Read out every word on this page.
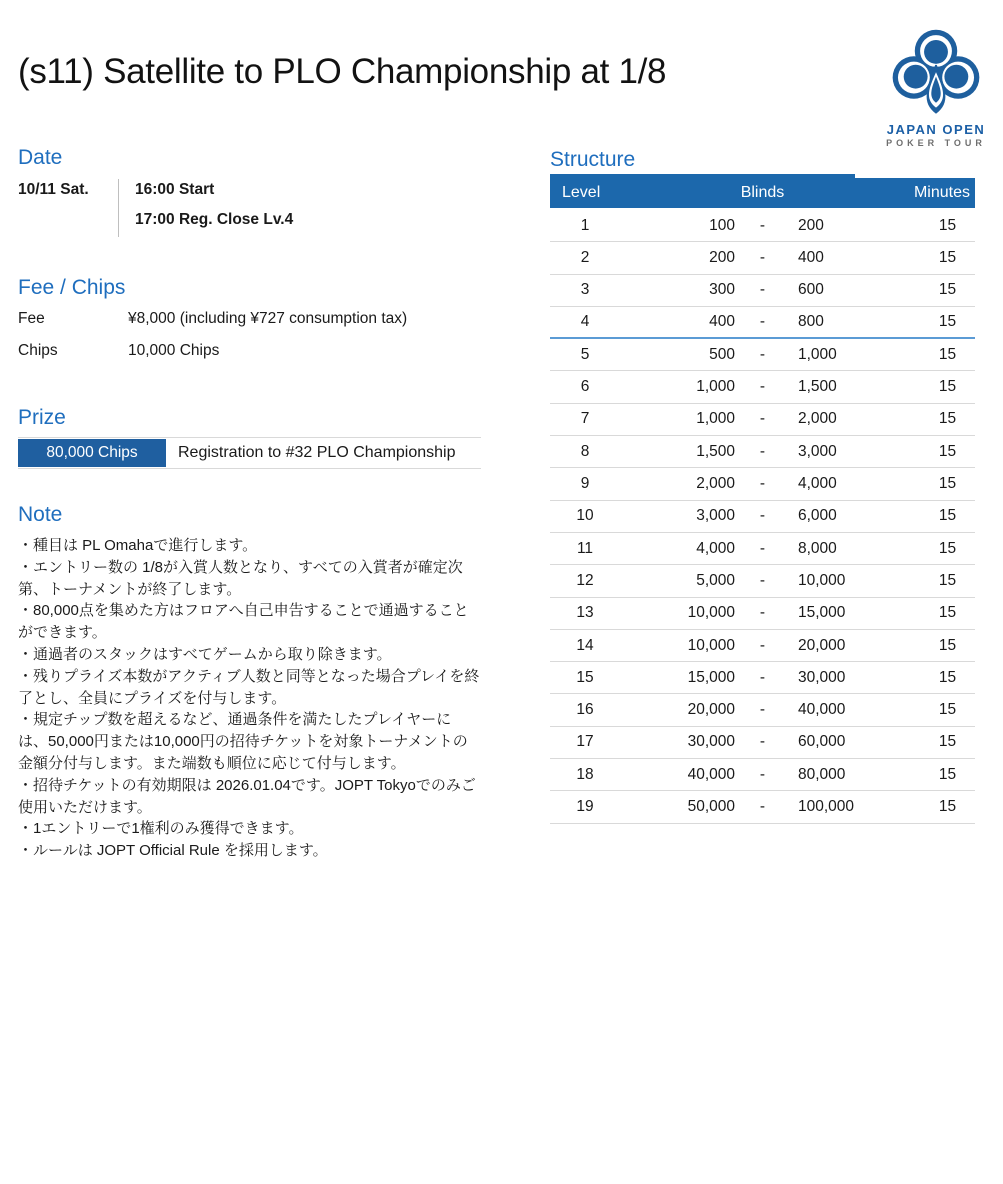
(s11) Satellite to PLO Championship at 1/8
JAPAN OPEN
POKER TOUR
Date
10/11 Sat.	16:00 Start
17:00 Reg. Close Lv.4
Fee / Chips
Fee	¥8,000 (including ¥727 consumption tax)
Chips	10,000 Chips
Prize
80,000 Chips	Registration to #32 PLO Championship
Note

・種目は PL Omahaで進行します。

・エントリー数の 1/8が入賞人数となり、すべての入賞者が確定次第、トーナメントが終了します。

・80,000点を集めた方はフロアへ自己申告することで通過することができます。

・通過者のスタックはすべてゲームから取り除きます。

・残りプライズ本数がアクティブ人数と同等となった場合プレイを終了とし、全員にプライズを付与します。

・規定チップ数を超えるなど、通過条件を満たしたプレイヤーには、50,000円または10,000円の招待チケットを対象トーナメントの金額分付与します。また端数も順位に応じて付与します。

・招待チケットの有効期限は 2026.01.04です。JOPT Tokyoでのみご使用いただけます。

・1エントリーで1権利のみ獲得できます。

・ルールは JOPT Official Rule を採用します。

Structure
Level	Blinds	Minutes
1	100	-	200	15
2	200	-	400	15
3	300	-	600	15
4	400	-	800	15
5	500	-	1,000	15
6	1,000	-	1,500	15
7	1,000	-	2,000	15
8	1,500	-	3,000	15
9	2,000	-	4,000	15
10	3,000	-	6,000	15
11	4,000	-	8,000	15
12	5,000	-	10,000	15
13	10,000	-	15,000	15
14	10,000	-	20,000	15
15	15,000	-	30,000	15
16	20,000	-	40,000	15
17	30,000	-	60,000	15
18	40,000	-	80,000	15
19	50,000	-	100,000	15
